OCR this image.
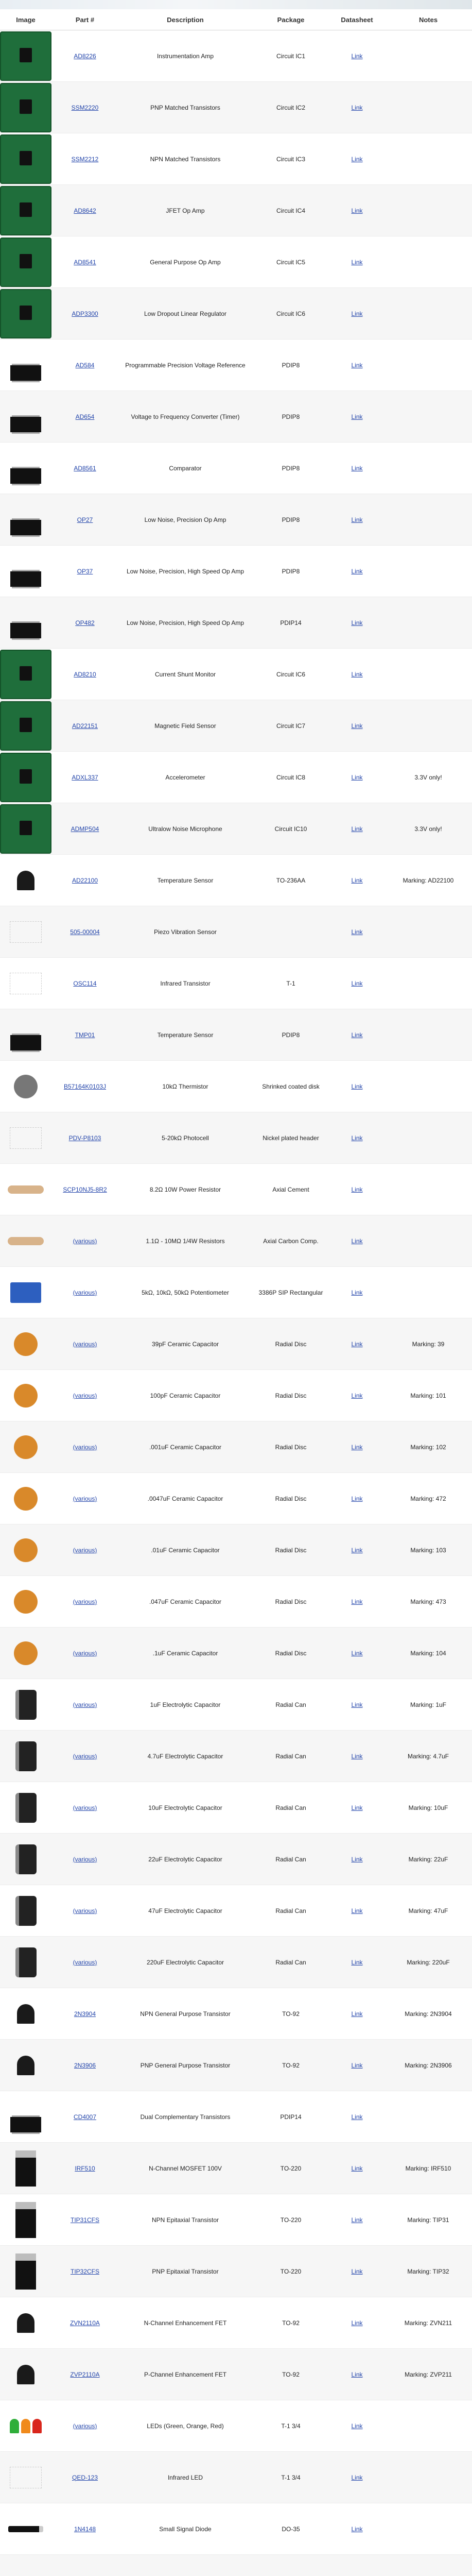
Image	Part #	Description	Package	Datasheet	Notes

	AD8226	Instrumentation Amp	Circuit IC1	Link	

	SSM2220	PNP Matched Transistors	Circuit IC2	Link	

	SSM2212	NPN Matched Transistors	Circuit IC3	Link	

	AD8642	JFET Op Amp	Circuit IC4	Link	

	AD8541	General Purpose Op Amp	Circuit IC5	Link	

	ADP3300	Low Dropout Linear Regulator	Circuit IC6	Link	

	AD584	Programmable Precision Voltage Reference	PDIP8	Link	

	AD654	Voltage to Frequency Converter (Timer)	PDIP8	Link	

	AD8561	Comparator	PDIP8	Link	

	OP27	Low Noise, Precision Op Amp	PDIP8	Link	

	OP37	Low Noise, Precision, High Speed Op Amp	PDIP8	Link	

	OP482	Low Noise, Precision, High Speed Op Amp	PDIP14	Link	

	AD8210	Current Shunt Monitor	Circuit IC6	Link	

	AD22151	Magnetic Field Sensor	Circuit IC7	Link	

	ADXL337	Accelerometer	Circuit IC8	Link	3.3V only!

	ADMP504	Ultralow Noise Microphone	Circuit IC10	Link	3.3V only!

	AD22100	Temperature Sensor	TO-236AA	Link	Marking: AD22100

	505-00004	Piezo Vibration Sensor		Link	

	OSC114	Infrared Transistor	T-1	Link	

	TMP01	Temperature Sensor	PDIP8	Link	

	B57164K0103J	10kΩ Thermistor	Shrinked coated disk	Link	

	PDV-P8103	5-20kΩ Photocell	Nickel plated header	Link	

	SCP10NJ5-8R2	8.2Ω 10W Power Resistor	Axial Cement	Link	

	(various)	1.1Ω - 10MΩ 1/4W Resistors	Axial Carbon Comp.	Link	

	(various)	5kΩ, 10kΩ, 50kΩ Potentiometer	3386P SIP Rectangular	Link	

	(various)	39pF Ceramic Capacitor	Radial Disc	Link	Marking: 39

	(various)	100pF Ceramic Capacitor	Radial Disc	Link	Marking: 101

	(various)	.001uF Ceramic Capacitor	Radial Disc	Link	Marking: 102

	(various)	.0047uF Ceramic Capacitor	Radial Disc	Link	Marking: 472

	(various)	.01uF Ceramic Capacitor	Radial Disc	Link	Marking: 103

	(various)	.047uF Ceramic Capacitor	Radial Disc	Link	Marking: 473

	(various)	.1uF Ceramic Capacitor	Radial Disc	Link	Marking: 104

	(various)	1uF Electrolytic Capacitor	Radial Can	Link	Marking: 1uF

	(various)	4.7uF Electrolytic Capacitor	Radial Can	Link	Marking: 4.7uF

	(various)	10uF Electrolytic Capacitor	Radial Can	Link	Marking: 10uF

	(various)	22uF Electrolytic Capacitor	Radial Can	Link	Marking: 22uF

	(various)	47uF Electrolytic Capacitor	Radial Can	Link	Marking: 47uF

	(various)	220uF Electrolytic Capacitor	Radial Can	Link	Marking: 220uF

	2N3904	NPN General Purpose Transistor	TO-92	Link	Marking: 2N3904

	2N3906	PNP General Purpose Transistor	TO-92	Link	Marking: 2N3906

	CD4007	Dual Complementary Transistors	PDIP14	Link	

	IRF510	N-Channel MOSFET 100V	TO-220	Link	Marking: IRF510

	TIP31CFS	NPN Epitaxial Transistor	TO-220	Link	Marking: TIP31

	TIP32CFS	PNP Epitaxial Transistor	TO-220	Link	Marking: TIP32

	ZVN2110A	N-Channel Enhancement FET	TO-92	Link	Marking: ZVN211

	ZVP2110A	P-Channel Enhancement FET	TO-92	Link	Marking: ZVP211

	(various)	LEDs (Green, Orange, Red)	T-1 3/4	Link	

	QED-123	Infrared LED	T-1 3/4	Link	

	1N4148	Small Signal Diode	DO-35	Link	
